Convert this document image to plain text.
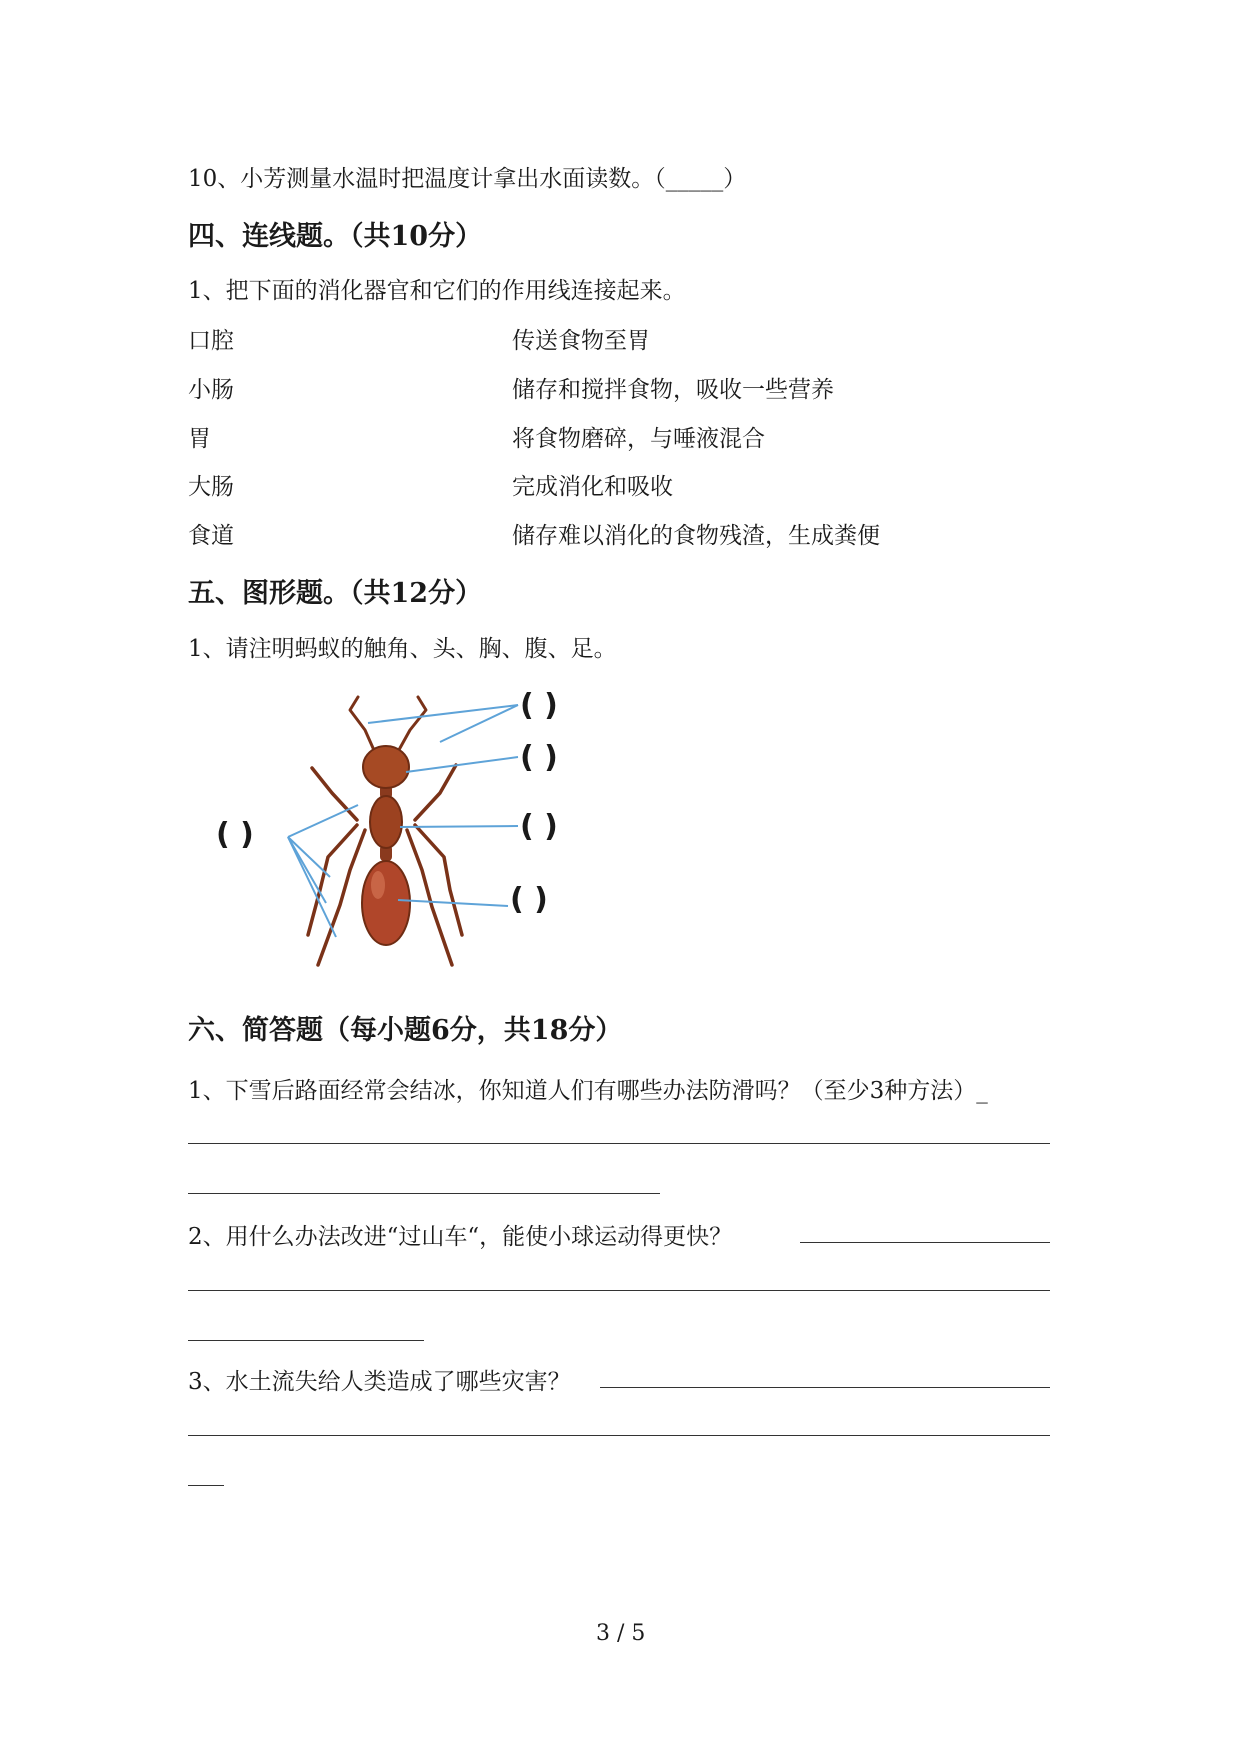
10、小芳测量水温时把温度计拿出水面读数。（_____）
四、连线题。（共10分）
1、把下面的消化器官和它们的作用线连接起来。
口腔	传送食物至胃
小肠	储存和搅拌食物，吸收一些营养
胃	将食物磨碎，与唾液混合
大肠	完成消化和吸收
食道	储存难以消化的食物残渣，生成粪便
五、图形题。（共12分）
1、请注明蚂蚁的触角、头、胸、腹、足。
( )
( )
( )
( )
( )
六、简答题（每小题6分，共18分）
1、下雪后路面经常会结冰，你知道人们有哪些办法防滑吗？（至少3种方法）_
2、用什么办法改进“过山车“，能使小球运动得更快？
3、水土流失给人类造成了哪些灾害？
3 / 5
